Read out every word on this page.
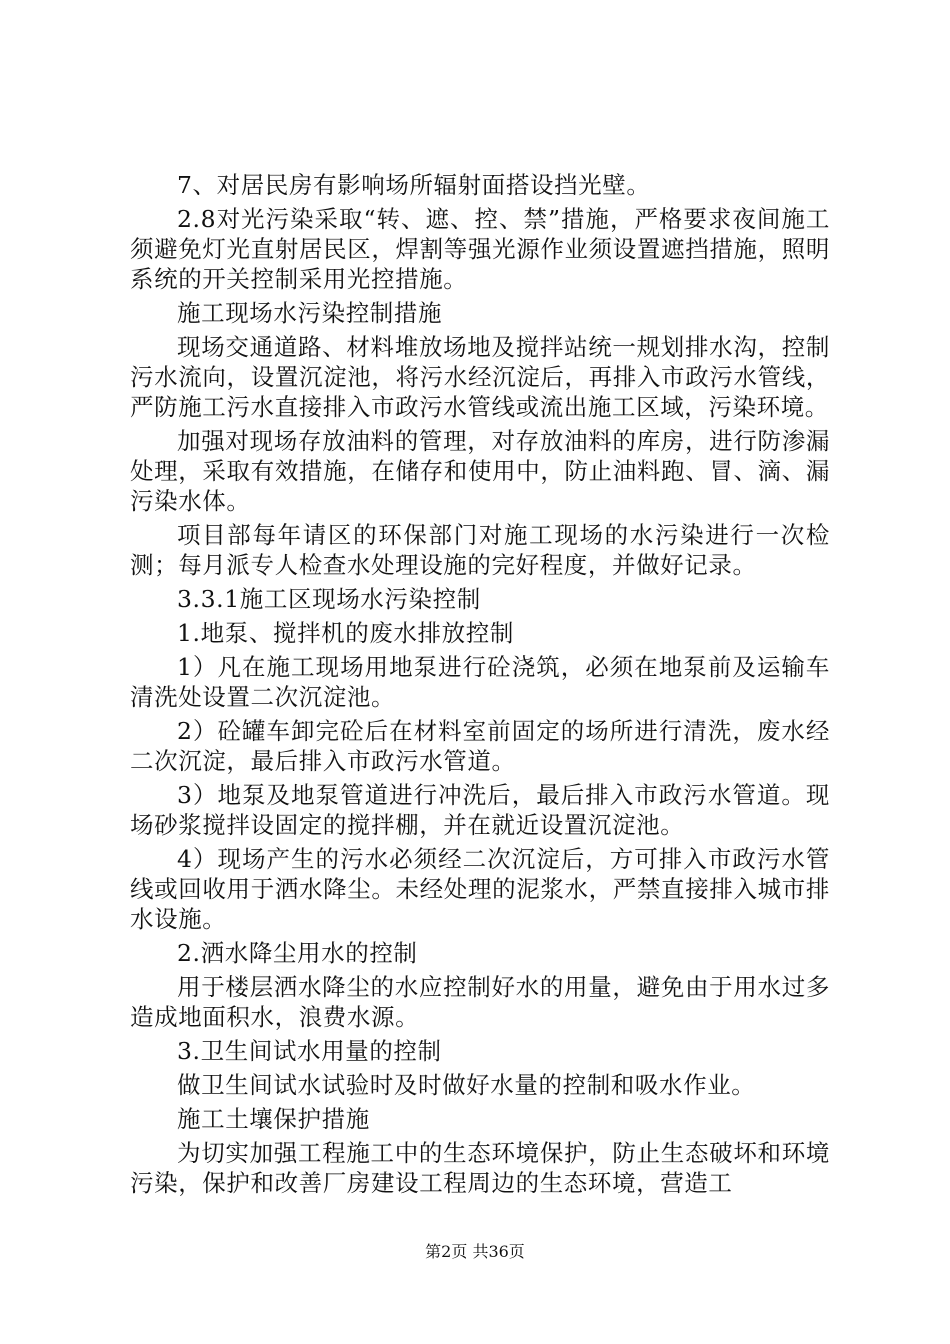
7、对居民房有影响场所辐射面搭设挡光壁。

2.8对光污染采取“转、遮、控、禁”措施，严格要求夜间施工须避免灯光直射居民区，焊割等强光源作业须设置遮挡措施，照明系统的开关控制采用光控措施。

施工现场水污染控制措施

现场交通道路、材料堆放场地及搅拌站统一规划排水沟，控制污水流向，设置沉淀池，将污水经沉淀后，再排入市政污水管线，严防施工污水直接排入市政污水管线或流出施工区域，污染环境。

加强对现场存放油料的管理，对存放油料的库房，进行防渗漏处理，采取有效措施，在储存和使用中，防止油料跑、冒、滴、漏污染水体。

项目部每年请区的环保部门对施工现场的水污染进行一次检测；每月派专人检查水处理设施的完好程度，并做好记录。

3.3.1施工区现场水污染控制

1.地泵、搅拌机的废水排放控制

1）凡在施工现场用地泵进行砼浇筑，必须在地泵前及运输车清洗处设置二次沉淀池。

2）砼罐车卸完砼后在材料室前固定的场所进行清洗，废水经二次沉淀，最后排入市政污水管道。

3）地泵及地泵管道进行冲洗后，最后排入市政污水管道。现场砂浆搅拌设固定的搅拌棚，并在就近设置沉淀池。

4）现场产生的污水必须经二次沉淀后，方可排入市政污水管线或回收用于洒水降尘。未经处理的泥浆水，严禁直接排入城市排水设施。

2.洒水降尘用水的控制

用于楼层洒水降尘的水应控制好水的用量，避免由于用水过多造成地面积水，浪费水源。

3.卫生间试水用量的控制

做卫生间试水试验时及时做好水量的控制和吸水作业。

施工土壤保护措施

为切实加强工程施工中的生态环境保护，防止生态破坏和环境污染，保护和改善厂房建设工程周边的生态环境，营造工

第2页 共36页
